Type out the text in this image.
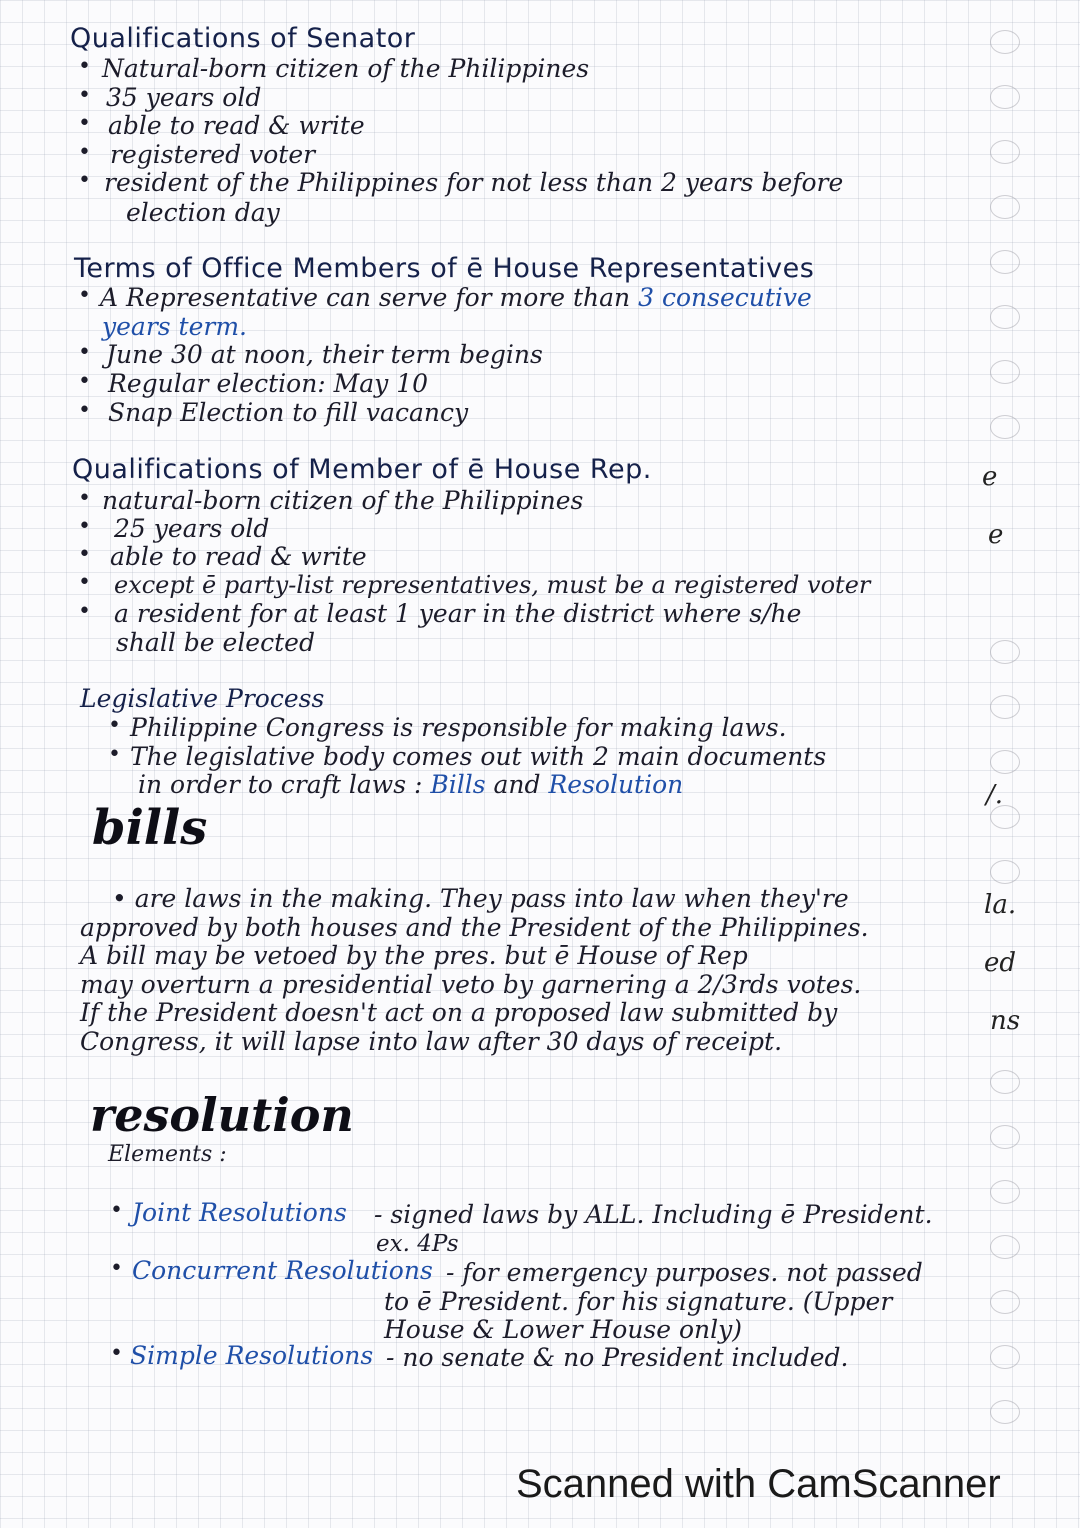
Qualifications of Senator
• Natural-born citizen of the Philippines
• 35 years old
• able to read & write
• registered voter
• resident of the Philippines for not less than 2 years before
election day
Terms of Office Members of ē House Representatives
• A Representative can serve for more than 3 consecutive
years term.
• June 30 at noon, their term begins
• Regular election: May 10
• Snap Election to fill vacancy
Qualifications of Member of ē House Rep.
• natural-born citizen of the Philippines
• 25 years old
• able to read & write
• except ē party-list representatives, must be a registered voter
• a resident for at least 1 year in the district where s/he
shall be elected
Legislative Process
• Philippine Congress is responsible for making laws.
• The legislative body comes out with 2 main documents
in order to craft laws : Bills and Resolution
bills
• are laws in the making. They pass into law when they're
approved by both houses and the President of the Philippines.
A bill may be vetoed by the pres. but ē House of Rep
may overturn a presidential veto by garnering a 2/3rds votes.
If the President doesn't act on a proposed law submitted by
Congress, it will lapse into law after 30 days of receipt.
resolution
Elements :
• Joint Resolutions - signed laws by ALL. Including ē President.
ex. 4Ps
• Concurrent Resolutions - for emergency purposes. not passed
to ē President. for his signature. (Upper
House & Lower House only)
• Simple Resolutions - no senate & no President included.
e
e
/.
la.
ed
ns
Scanned with CamScanner
